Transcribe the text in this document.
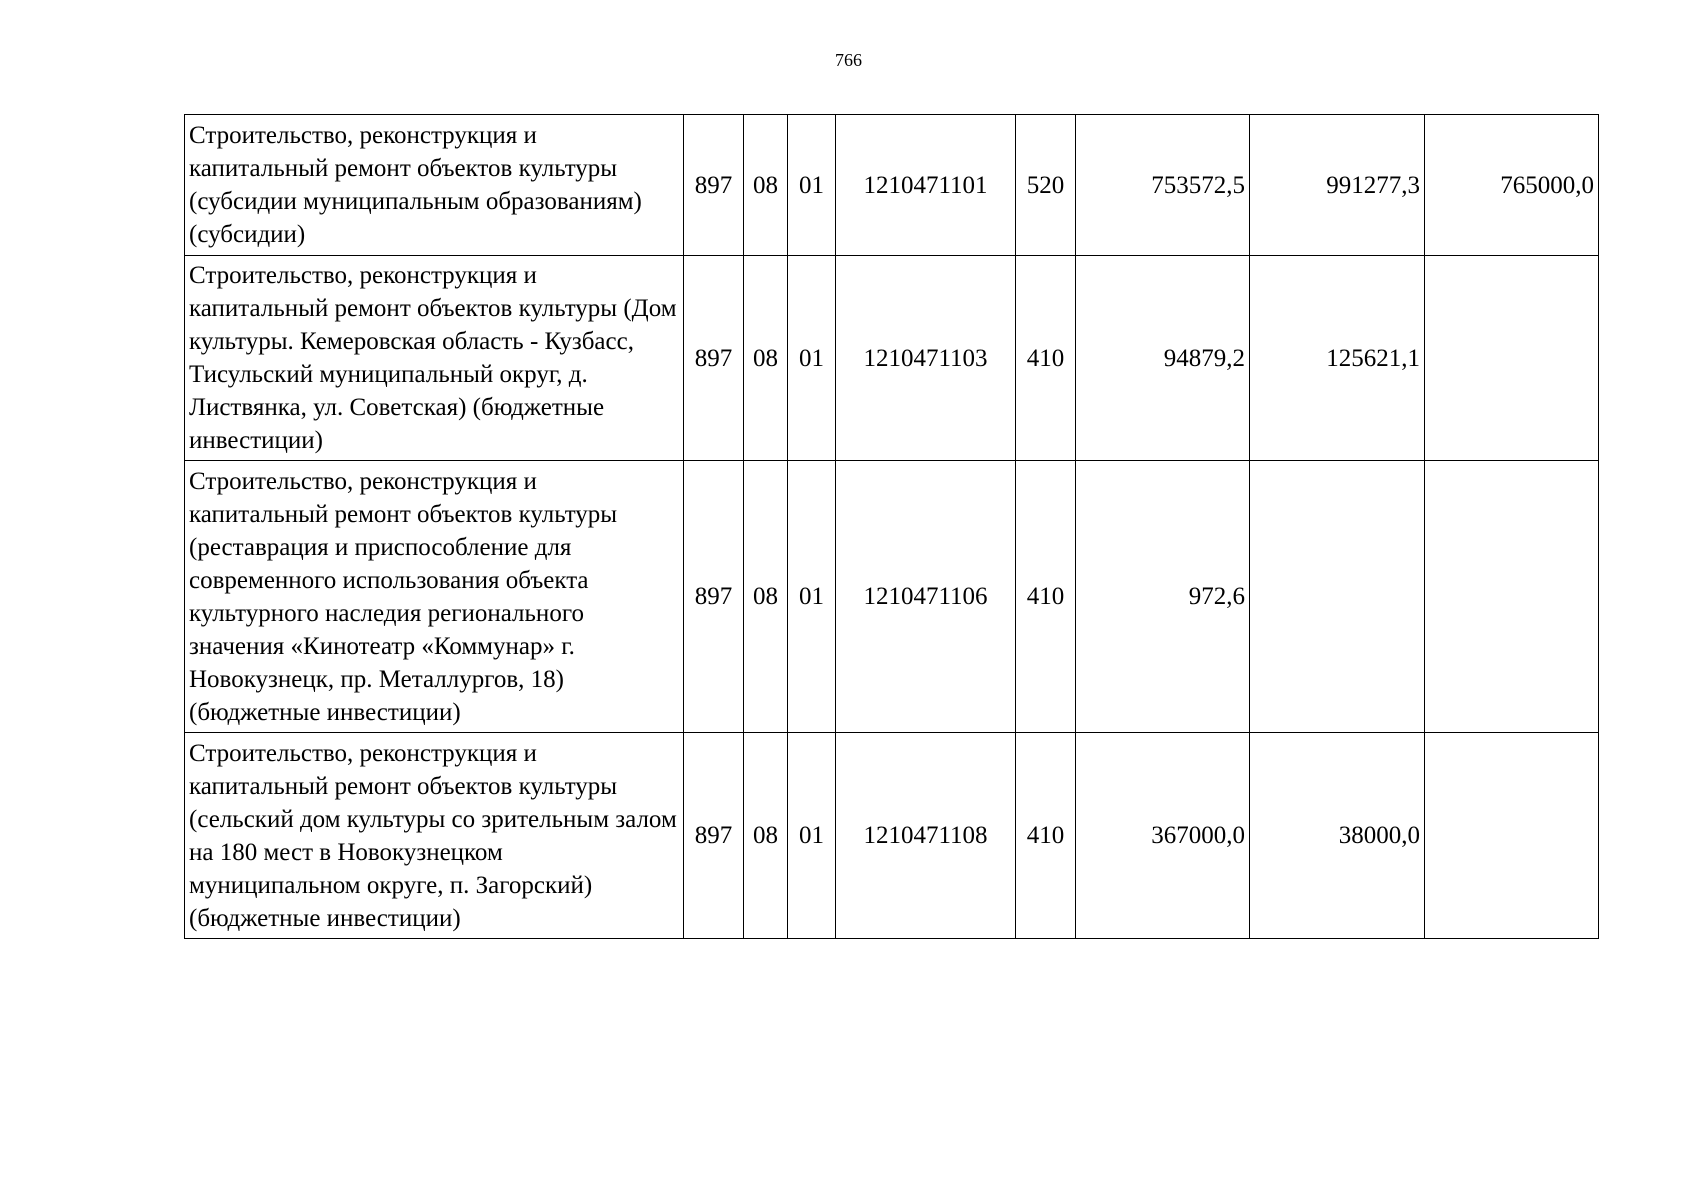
766
Строительство, реконструкция и капитальный ремонт объектов культуры (субсидии муниципальным образованиям) (субсидии)	897	08	01	1210471101	520	753572,5	991277,3	765000,0
Строительство, реконструкция и капитальный ремонт объектов культуры (Дом культуры. Кемеровская область - Кузбасс, Тисульский муниципальный округ, д. Листвянка, ул. Советская) (бюджетные инвестиции)	897	08	01	1210471103	410	94879,2	125621,1	
Строительство, реконструкция и капитальный ремонт объектов культуры (реставрация и приспособление для современного использования объекта культурного наследия регионального значения «Кинотеатр «Коммунар» г. Новокузнецк, пр. Металлургов, 18) (бюджетные инвестиции)	897	08	01	1210471106	410	972,6		
Строительство, реконструкция и капитальный ремонт объектов культуры (сельский дом культуры со зрительным залом на 180 мест в Новокузнецком муниципальном округе, п. Загорский) (бюджетные инвестиции)	897	08	01	1210471108	410	367000,0	38000,0	
